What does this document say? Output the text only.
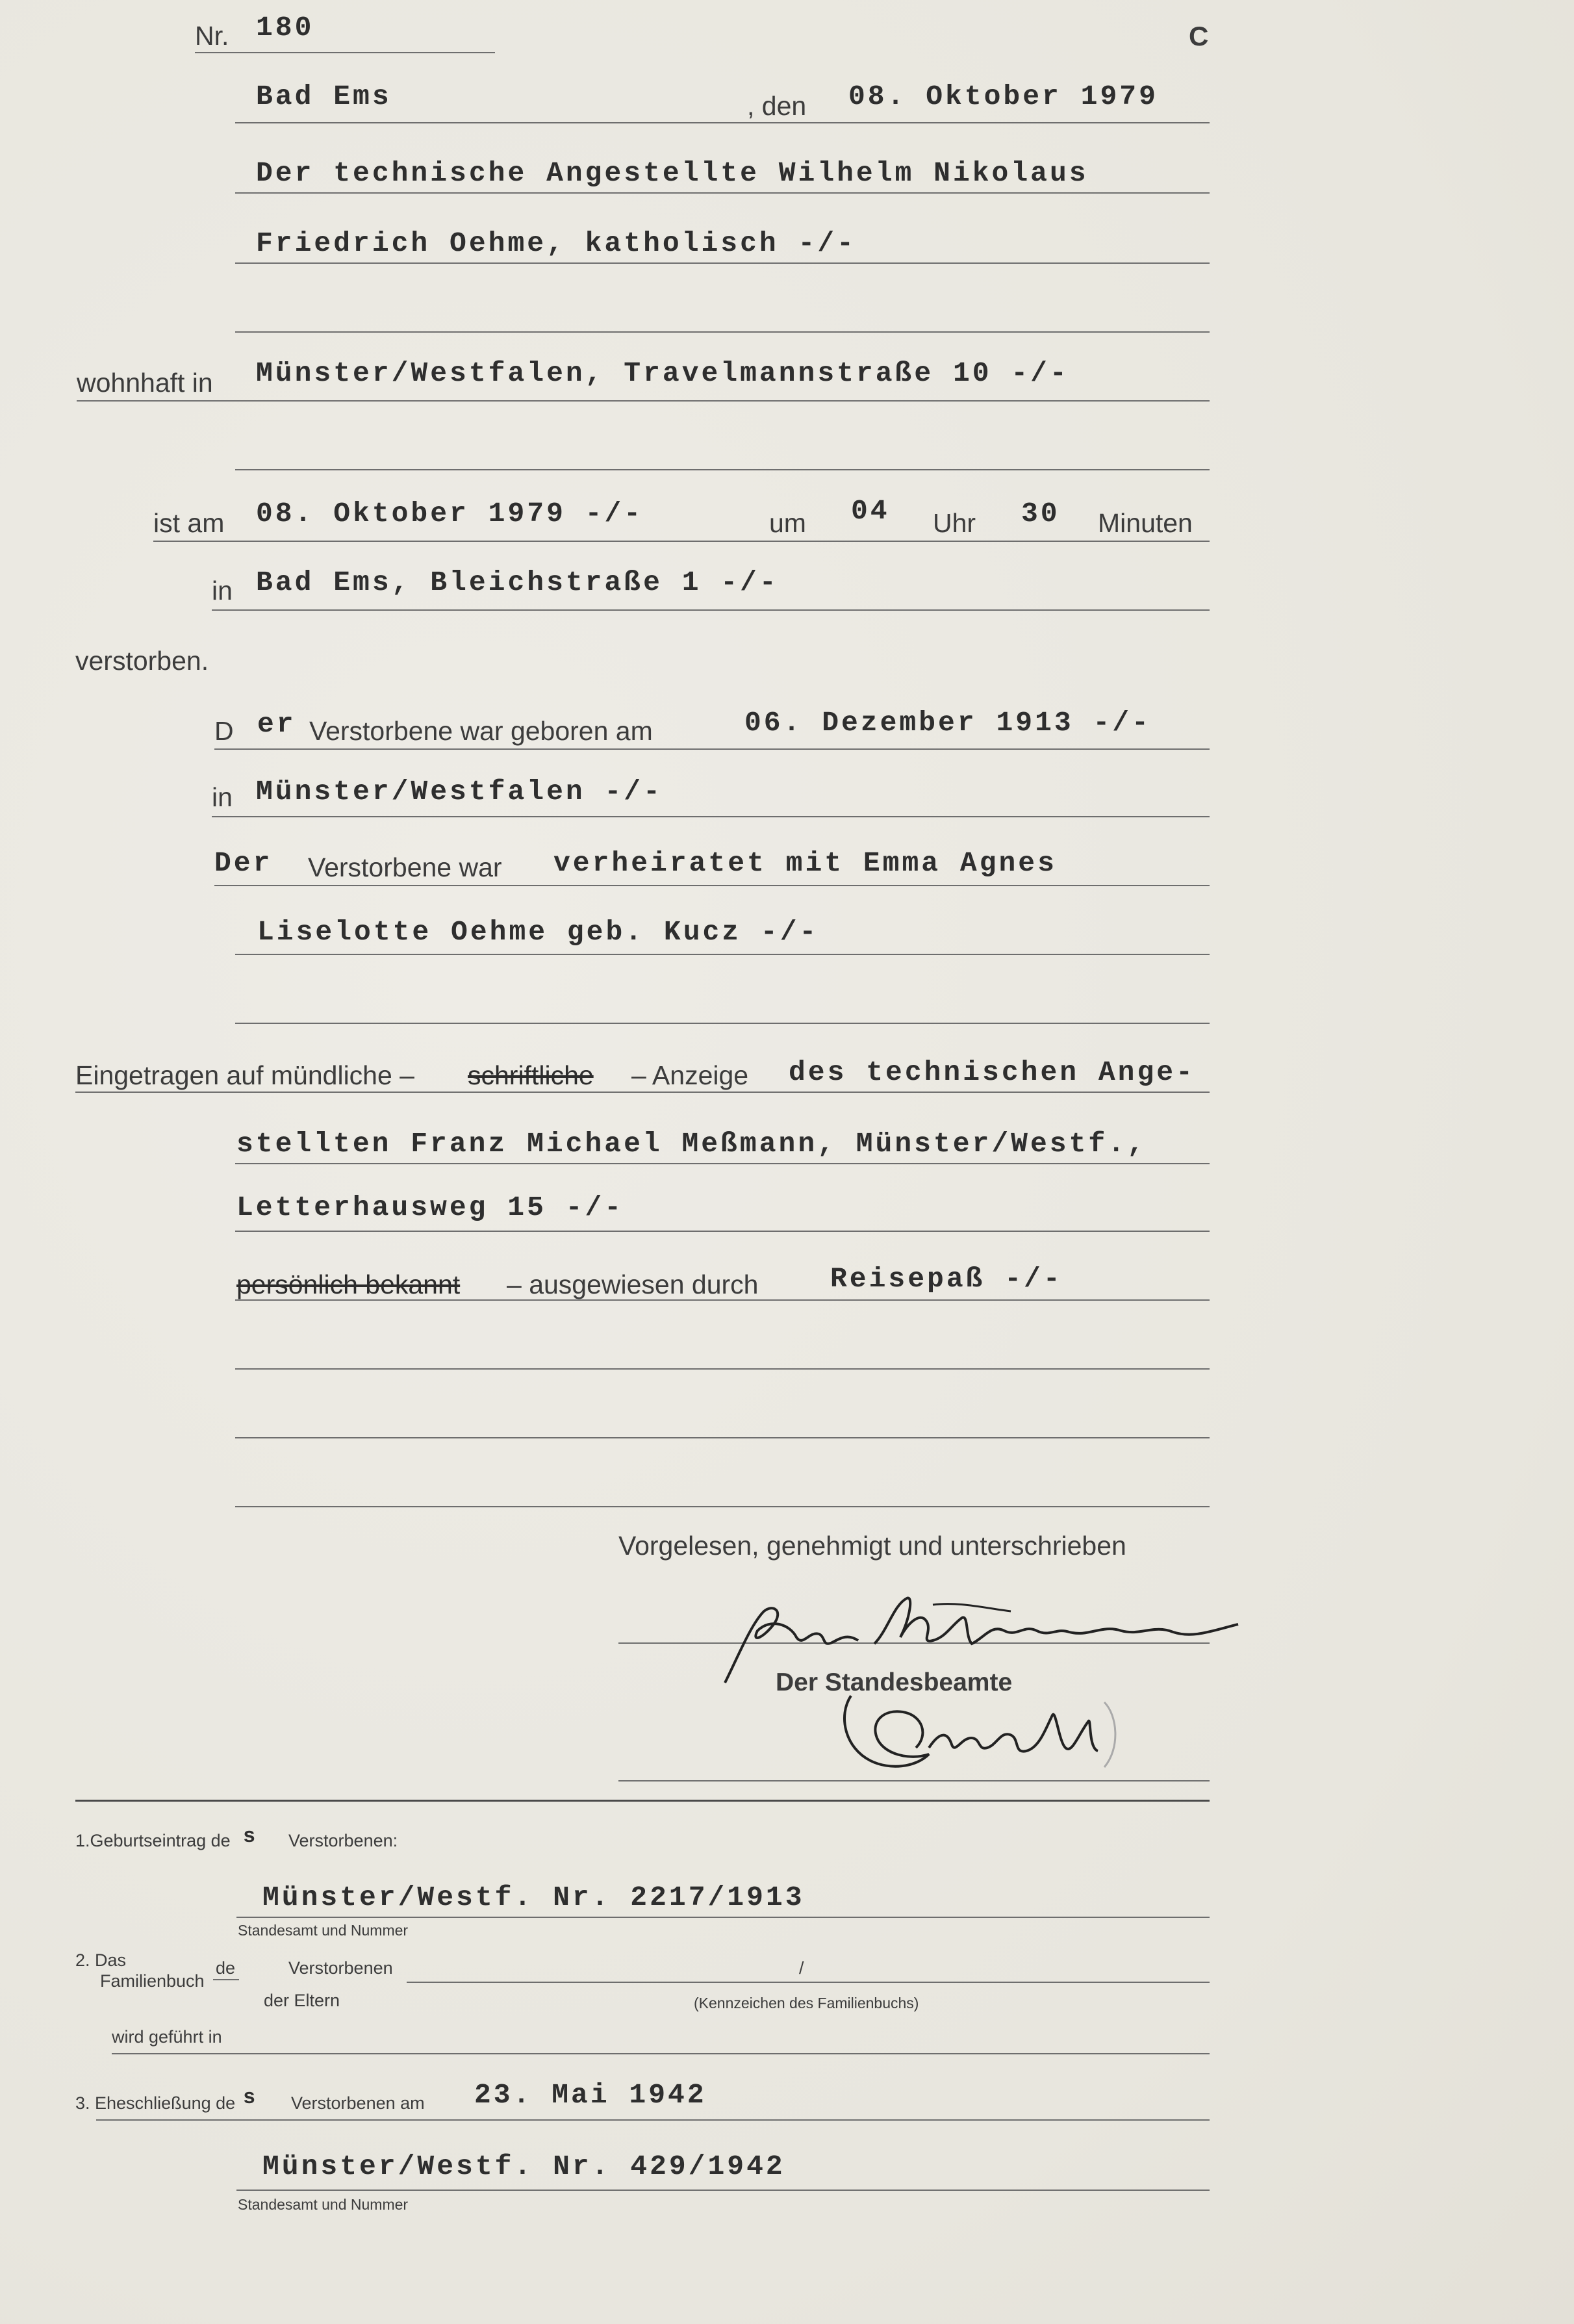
Nr. 180	C
Bad Ems	, den 08. Oktober 1979
Der technische Angestellte Wilhelm Nikolaus
Friedrich Oehme, katholisch -/-
wohnhaft in Münster/Westfalen, Travelmannstraße 10 -/-
ist am 08. Oktober 1979 -/-	um 04 Uhr 30 Minuten
in Bad Ems, Bleichstraße 1 -/-
verstorben.
D er Verstorbene war geboren am	06. Dezember 1913 -/-
in Münster/Westfalen -/-
Der Verstorbene war verheiratet mit Emma Agnes
Liselotte Oehme geb. Kucz -/-
Eingetragen auf mündliche – schriftliche – Anzeige des technischen Ange-
stellten Franz Michael Meßmann, Münster/Westf.,
Letterhausweg 15 -/-
persönlich bekannt – ausgewiesen durch	Reisepaß -/-
Vorgelesen, genehmigt und unterschrieben
Der Standesbeamte
1.Geburtseintrag de s Verstorbenen:
Münster/Westf. Nr. 2217/1913
Standesamt und Nummer
2. Das
Familienbuch
de	Verstorbenen	/
der Eltern	(Kennzeichen des Familienbuchs)
wird geführt in
3. Eheschließung de s Verstorbenen am 23. Mai 1942
Münster/Westf. Nr. 429/1942
Standesamt und Nummer
